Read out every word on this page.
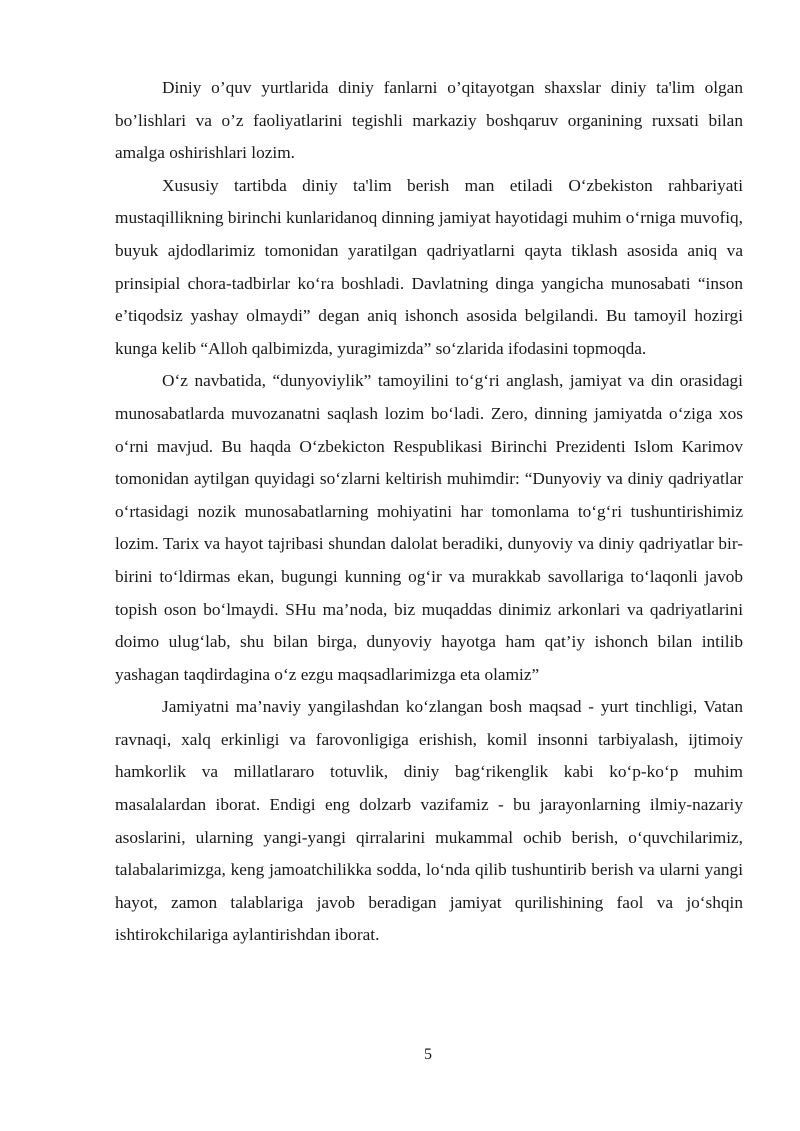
Diniy o’quv yurtlarida diniy fanlarni o’qitayotgan shaxslar diniy ta'lim olgan bo’lishlari va o’z faoliyatlarini tegishli markaziy boshqaruv organining ruxsati bilan amalga oshirishlari lozim.

Xususiy tartibda diniy ta'lim berish man etiladi O‘zbekiston rahbariyati mustaqillikning birinchi kunlaridanoq dinning jamiyat hayotidagi muhim o‘rniga muvofiq, buyuk ajdodlarimiz tomonidan yaratilgan qadriyatlarni qayta tiklash asosida aniq va prinsipial chora-tadbirlar ko‘ra boshladi. Davlatning dinga yangicha munosabati “inson e’tiqodsiz yashay olmaydi” degan aniq ishonch asosida belgilandi. Bu tamoyil hozirgi kunga kelib “Alloh qalbimizda, yuragimizda” so‘zlarida ifodasini topmoqda.

O‘z navbatida, “dunyoviylik” tamoyilini to‘g‘ri anglash, jamiyat va din orasidagi munosabatlarda muvozanatni saqlash lozim bo‘ladi. Zero, dinning jamiyatda o‘ziga xos o‘rni mavjud. Bu haqda O‘zbekicton Respublikasi Birinchi Prezidenti Islom Karimov tomonidan aytilgan quyidagi so‘zlarni keltirish muhimdir: “Dunyoviy va diniy qadriyatlar o‘rtasidagi nozik munosabatlarning mohiyatini har tomonlama to‘g‘ri tushuntirishimiz lozim. Tarix va hayot tajribasi shundan dalolat beradiki, dunyoviy va diniy qadriyatlar bir-birini to‘ldirmas ekan, bugungi kunning og‘ir va murakkab savollariga to‘laqonli javob topish oson bo‘lmaydi. SHu ma’noda, biz muqaddas dinimiz arkonlari va qadriyatlarini doimo ulug‘lab, shu bilan birga, dunyoviy hayotga ham qat’iy ishonch bilan intilib yashagan taqdirdagina o‘z ezgu maqsadlarimizga eta olamiz”

Jamiyatni ma’naviy yangilashdan ko‘zlangan bosh maqsad - yurt tinchligi, Vatan ravnaqi, xalq erkinligi va farovonligiga erishish, komil insonni tarbiyalash, ijtimoiy hamkorlik va millatlararo totuvlik, diniy bag‘rikenglik kabi ko‘p-ko‘p muhim masalalardan iborat. Endigi eng dolzarb vazifamiz - bu jarayonlarning ilmiy-nazariy asoslarini, ularning yangi-yangi qirralarini mukammal ochib berish, o‘quvchilarimiz, talabalarimizga, keng jamoatchilikka sodda, lo‘nda qilib tushuntirib berish va ularni yangi hayot, zamon talablariga javob beradigan jamiyat qurilishining faol va jo‘shqin ishtirokchilariga aylantirishdan iborat.

5
